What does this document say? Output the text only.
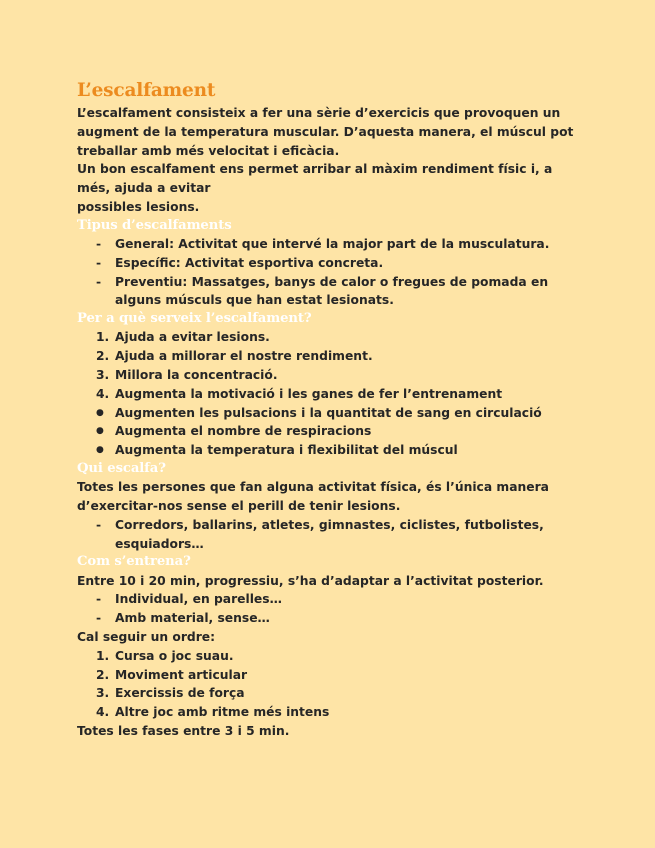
L’escalfament

L’escalfament consisteix a fer una sèrie d’exercicis que provoquen un augment de la temperatura muscular. D’aquesta manera, el múscul pot treballar amb més velocitat i eficàcia.

Un bon escalfament ens permet arribar al màxim rendiment físic i, a més, ajuda a evitar

possibles lesions.

Tipus d’escalfaments
- General: Activitat que intervé la major part de la musculatura.
- Específic: Activitat esportiva concreta.
- Preventiu: Massatges, banys de calor o fregues de pomada en alguns músculs que han estat lesionats.
Per a què serveix l’escalfament?
1. Ajuda a evitar lesions.
2. Ajuda a millorar el nostre rendiment.
3. Millora la concentració.
4. Augmenta la motivació i les ganes de fer l’entrenament
● Augmenten les pulsacions i la quantitat de sang en circulació
● Augmenta el nombre de respiracions
● Augmenta la temperatura i flexibilitat del múscul
Qui escalfa?

Totes les persones que fan alguna activitat física, és l’única manera d’exercitar-nos sense el perill de tenir lesions.

- Corredors, ballarins, atletes, gimnastes, ciclistes, futbolistes, esquiadors…
Com s’entrena?

Entre 10 i 20 min, progressiu, s’ha d’adaptar a l’activitat posterior.

- Individual, en parelles…
- Amb material, sense…

Cal seguir un ordre:

1. Cursa o joc suau.
2. Moviment articular
3. Exercissis de força
4. Altre joc amb ritme més intens

Totes les fases entre 3 i 5 min.
